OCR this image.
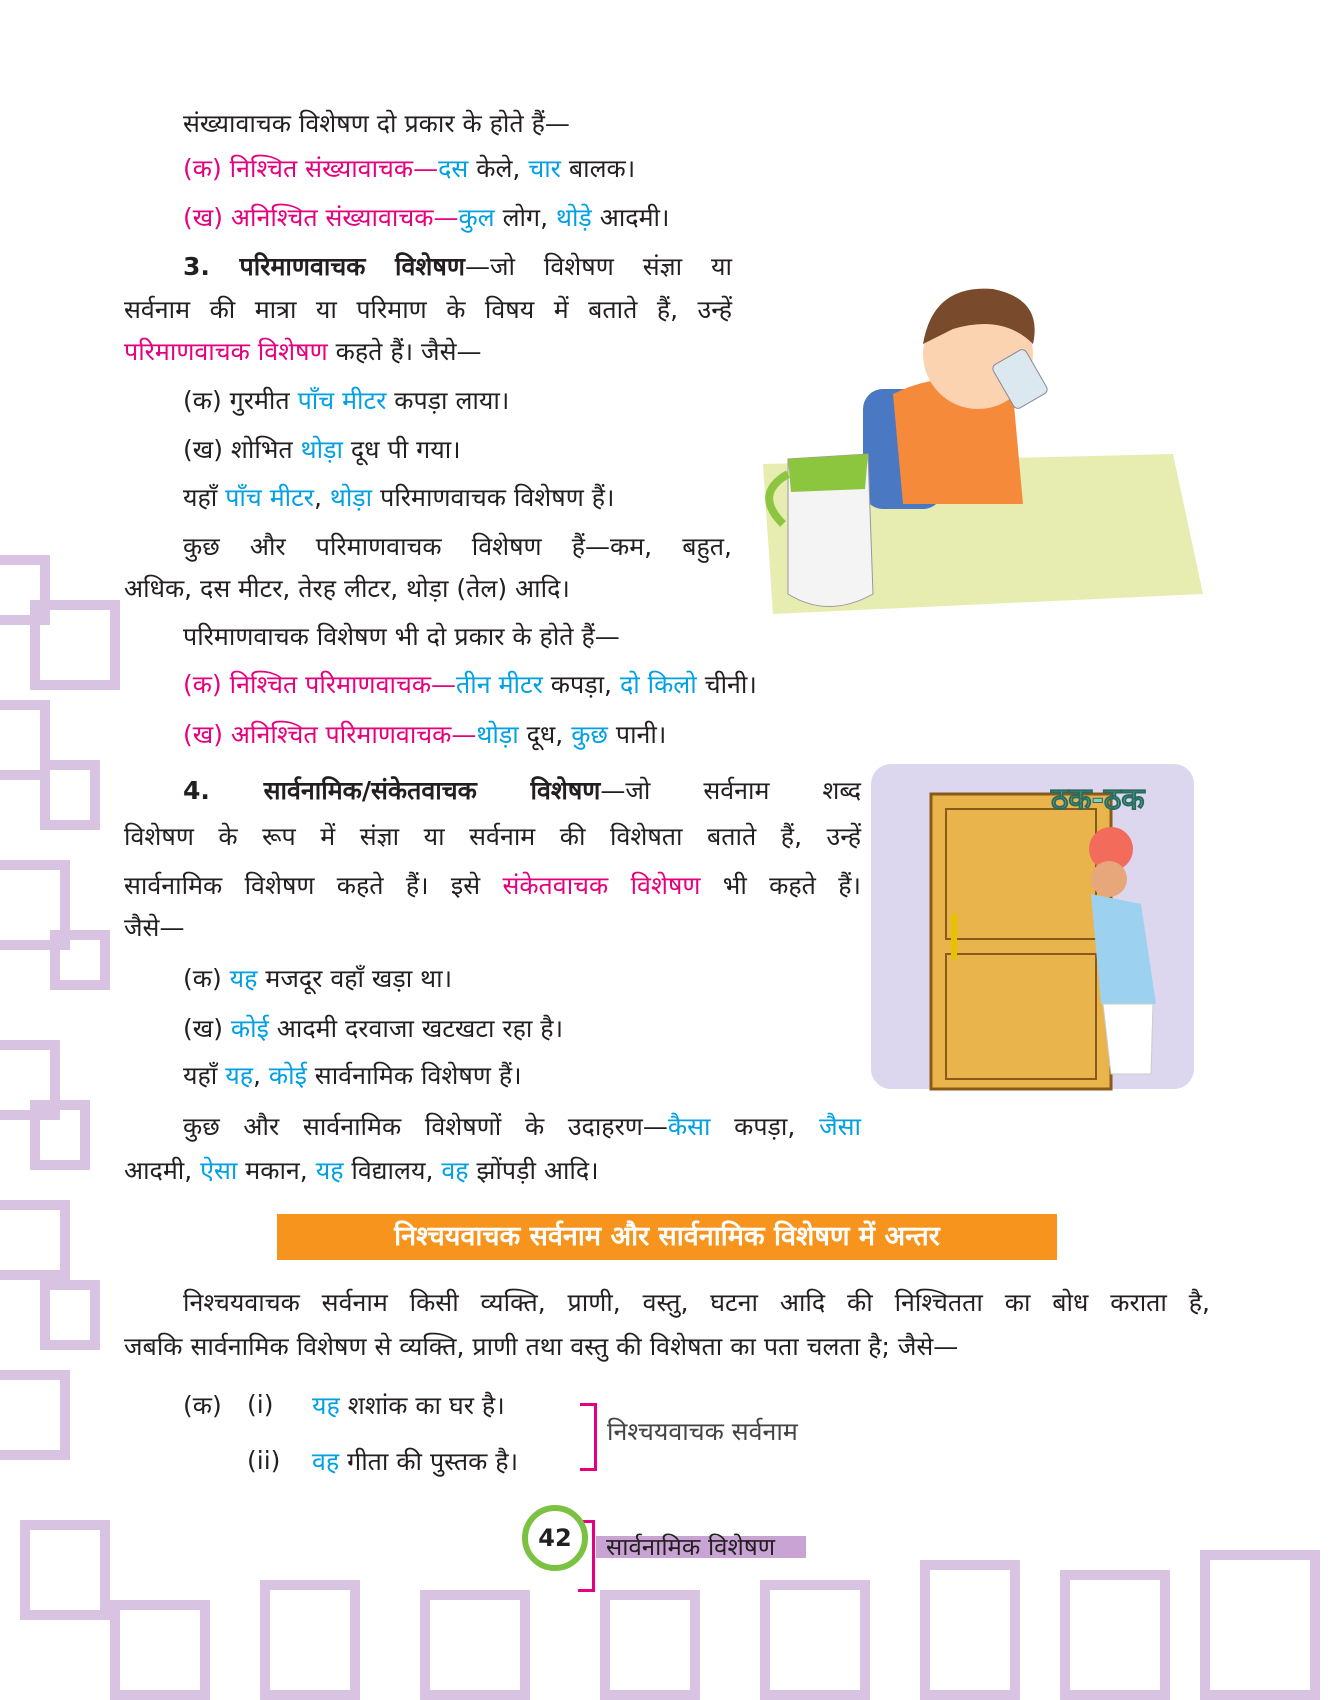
ठक-ठक
संख्यावाचक विशेषण दो प्रकार के होते हैं—
(क) निश्चित संख्यावाचक—दस केले, चार बालक।
(ख) अनिश्चित संख्यावाचक—कुल लोग, थोड़े आदमी।
3. परिमाणवाचक विशेषण—जो विशेषण संज्ञा या
सर्वनाम की मात्रा या परिमाण के विषय में बताते हैं, उन्हें
परिमाणवाचक विशेषण कहते हैं। जैसे—
(क) गुरमीत पाँच मीटर कपड़ा लाया।
(ख) शोभित थोड़ा दूध पी गया।
यहाँ पाँच मीटर, थोड़ा परिमाणवाचक विशेषण हैं।
कुछ और परिमाणवाचक विशेषण हैं—कम, बहुत,
अधिक, दस मीटर, तेरह लीटर, थोड़ा (तेल) आदि।
परिमाणवाचक विशेषण भी दो प्रकार के होते हैं—
(क) निश्चित परिमाणवाचक—तीन मीटर कपड़ा, दो किलो चीनी।
(ख) अनिश्चित परिमाणवाचक—थोड़ा दूध, कुछ पानी।
4. सार्वनामिक/संकेतवाचक विशेषण—जो सर्वनाम शब्द
विशेषण के रूप में संज्ञा या सर्वनाम की विशेषता बताते हैं, उन्हें
सार्वनामिक विशेषण कहते हैं। इसे संकेतवाचक विशेषण भी कहते हैं।
जैसे—
(क) यह मजदूर वहाँ खड़ा था।
(ख) कोई आदमी दरवाजा खटखटा रहा है।
यहाँ यह, कोई सार्वनामिक विशेषण हैं।
कुछ और सार्वनामिक विशेषणों के उदाहरण—कैसा कपड़ा, जैसा
आदमी, ऐसा मकान, यह विद्यालय, वह झोंपड़ी आदि।
निश्चयवाचक सर्वनाम किसी व्यक्ति, प्राणी, वस्तु, घटना आदि की निश्चितता का बोध कराता है,
जबकि सार्वनामिक विशेषण से व्यक्ति, प्राणी तथा वस्तु की विशेषता का पता चलता है; जैसे—
निश्चयवाचक सर्वनाम और सार्वनामिक विशेषण में अन्तर
(क) (i) यह शशांक का घर है।
(ii) वह गीता की पुस्तक है।
निश्चयवाचक सर्वनाम
42	सार्वनामिक विशेषण
